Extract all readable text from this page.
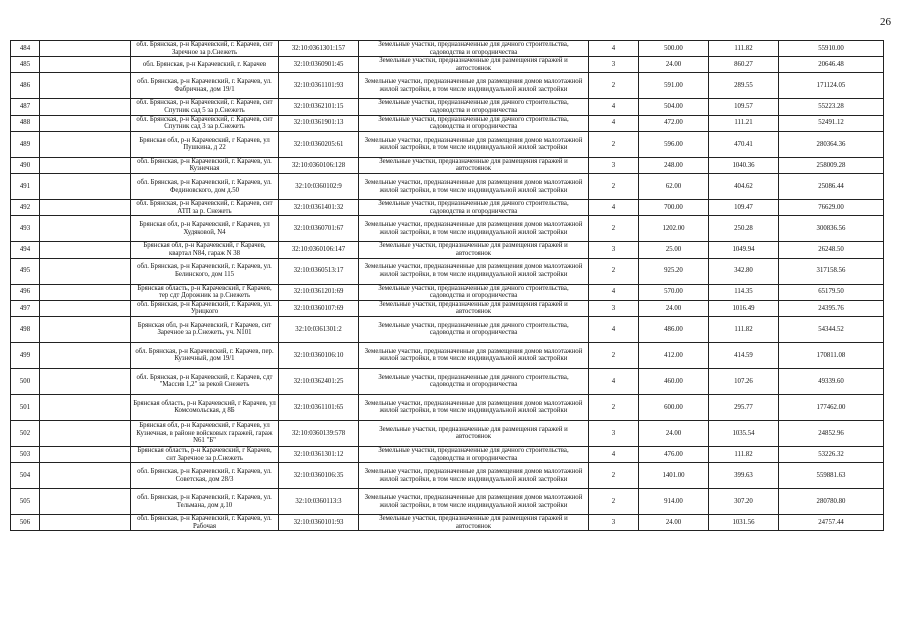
26
484		обл. Брянская, р-н Карачевский, г. Карачев, снт Заречное за р.Снежеть	32:10:0361301:157	Земельные участки, предназначенные для дачного строительства, садоводства и огородничества	4	500.00	111.82	55910.00
485		обл. Брянская, р-н Карачевский, г. Карачев	32:10:0360901:45	Земельные участки, предназначенные для размещения гаражей и автостоянок	3	24.00	860.27	20646.48
486		обл. Брянская, р-н Карачевский, г. Карачев, ул. Фабричная, дом 19/1	32:10:0361101:93	Земельные участки, предназначенные для размещения домов малоэтажной жилой застройки, в том числе индивидуальной жилой застройки	2	591.00	289.55	171124.05
487		обл. Брянская, р-н Карачевский, г. Карачев, снт Спутник сад 5 за р.Снежеть	32:10:0362101:15	Земельные участки, предназначенные для дачного строительства, садоводства и огородничества	4	504.00	109.57	55223.28
488		обл. Брянская, р-н Карачевский, г. Карачев, снт Спутник сад 3 за р.Снежеть	32:10:0361901:13	Земельные участки, предназначенные для дачного строительства, садоводства и огородничества	4	472.00	111.21	52491.12
489		Брянская обл, р-н Карачевский, г Карачев, ул Пушкина, д 22	32:10:0360205:61	Земельные участки, предназначенные для размещения домов малоэтажной жилой застройки, в том числе индивидуальной жилой застройки	2	596.00	470.41	280364.36
490		обл. Брянская, р-н Карачевский, г. Карачев, ул. Кузнечная	32:10:0360106:128	Земельные участки, предназначенные для размещения гаражей и автостоянок	3	248.00	1040.36	258009.28
491		обл. Брянская, р-н Карачевский, г. Карачев, ул. Фединовского, дом д.50	32:10:0360102:9	Земельные участки, предназначенные для размещения домов малоэтажной жилой застройки, в том числе индивидуальной жилой застройки	2	62.00	404.62	25086.44
492		обл. Брянская, р-н Карачевский, г. Карачев, снт АТП за р. Снежеть	32:10:0361401:32	Земельные участки, предназначенные для дачного строительства, садоводства и огородничества	4	700.00	109.47	76629.00
493		Брянская обл, р-н Карачевский, г Карачев, ул Худяковой, N4	32:10:0360701:67	Земельные участки, предназначенные для размещения домов малоэтажной жилой застройки, в том числе индивидуальной жилой застройки	2	1202.00	250.28	300836.56
494		Брянская обл, р-н Карачевский, г Карачев, квартал N84, гараж N 38	32:10:0360106:147	Земельные участки, предназначенные для размещения гаражей и автостоянок	3	25.00	1049.94	26248.50
495		обл. Брянская, р-н Карачевский, г. Карачев, ул. Белинского, дом 115	32:10:0360513:17	Земельные участки, предназначенные для размещения домов малоэтажной жилой застройки, в том числе индивидуальной жилой застройки	2	925.20	342.80	317158.56
496		Брянская область, р-н Карачевский, г Карачев, тер сдт Дорожник за р.Снежеть	32:10:0361201:69	Земельные участки, предназначенные для дачного строительства, садоводства и огородничества	4	570.00	114.35	65179.50
497		обл. Брянская, р-н Карачевский, г. Карачев, ул. Урицкого	32:10:0360107:69	Земельные участки, предназначенные для размещения гаражей и автостоянок	3	24.00	1016.49	24395.76
498		Брянская обл, р-н Карачевский, г Карачев, снт Заречное за р.Снежеть, уч. N101	32:10:0361301:2	Земельные участки, предназначенные для дачного строительства, садоводства и огородничества	4	486.00	111.82	54344.52
499		обл. Брянская, р-н Карачевский, г. Карачев, пер. Кузнечный, дом 19/1	32:10:0360106:10	Земельные участки, предназначенные для размещения домов малоэтажной жилой застройки, в том числе индивидуальной жилой застройки	2	412.00	414.59	170811.08
500		обл. Брянская, р-н Карачевский, г. Карачев, сдт "Массив 1,2" за рекой Снежеть	32:10:0362401:25	Земельные участки, предназначенные для дачного строительства, садоводства и огородничества	4	460.00	107.26	49339.60
501		Брянская область, р-н Карачевский, г Карачев, ул Комсомольская, д 8Б	32:10:0361101:65	Земельные участки, предназначенные для размещения домов малоэтажной жилой застройки, в том числе индивидуальной жилой застройки	2	600.00	295.77	177462.00
502		Брянская обл, р-н Карачевский, г Карачев, ул Кузнечная, в районе войсковых гаражей, гараж N61 "Б"	32:10:0360139:578	Земельные участки, предназначенные для размещения гаражей и автостоянок	3	24.00	1035.54	24852.96
503		Брянская область, р-н Карачевский, г Карачев, снт Заречное за р.Снежеть	32:10:0361301:12	Земельные участки, предназначенные для дачного строительства, садоводства и огородничества	4	476.00	111.82	53226.32
504		обл. Брянская, р-н Карачевский, г. Карачев, ул. Советская, дом 28/3	32:10:0360106:35	Земельные участки, предназначенные для размещения домов малоэтажной жилой застройки, в том числе индивидуальной жилой застройки	2	1401.00	399.63	559881.63
505		обл. Брянская, р-н Карачевский, г. Карачев, ул. Тельмана, дом д.10	32:10:0360113:3	Земельные участки, предназначенные для размещения домов малоэтажной жилой застройки, в том числе индивидуальной жилой застройки	2	914.00	307.20	280780.80
506		обл. Брянская, р-н Карачевский, г. Карачев, ул. Рабочая	32:10:0360101:93	Земельные участки, предназначенные для размещения гаражей и автостоянок	3	24.00	1031.56	24757.44
